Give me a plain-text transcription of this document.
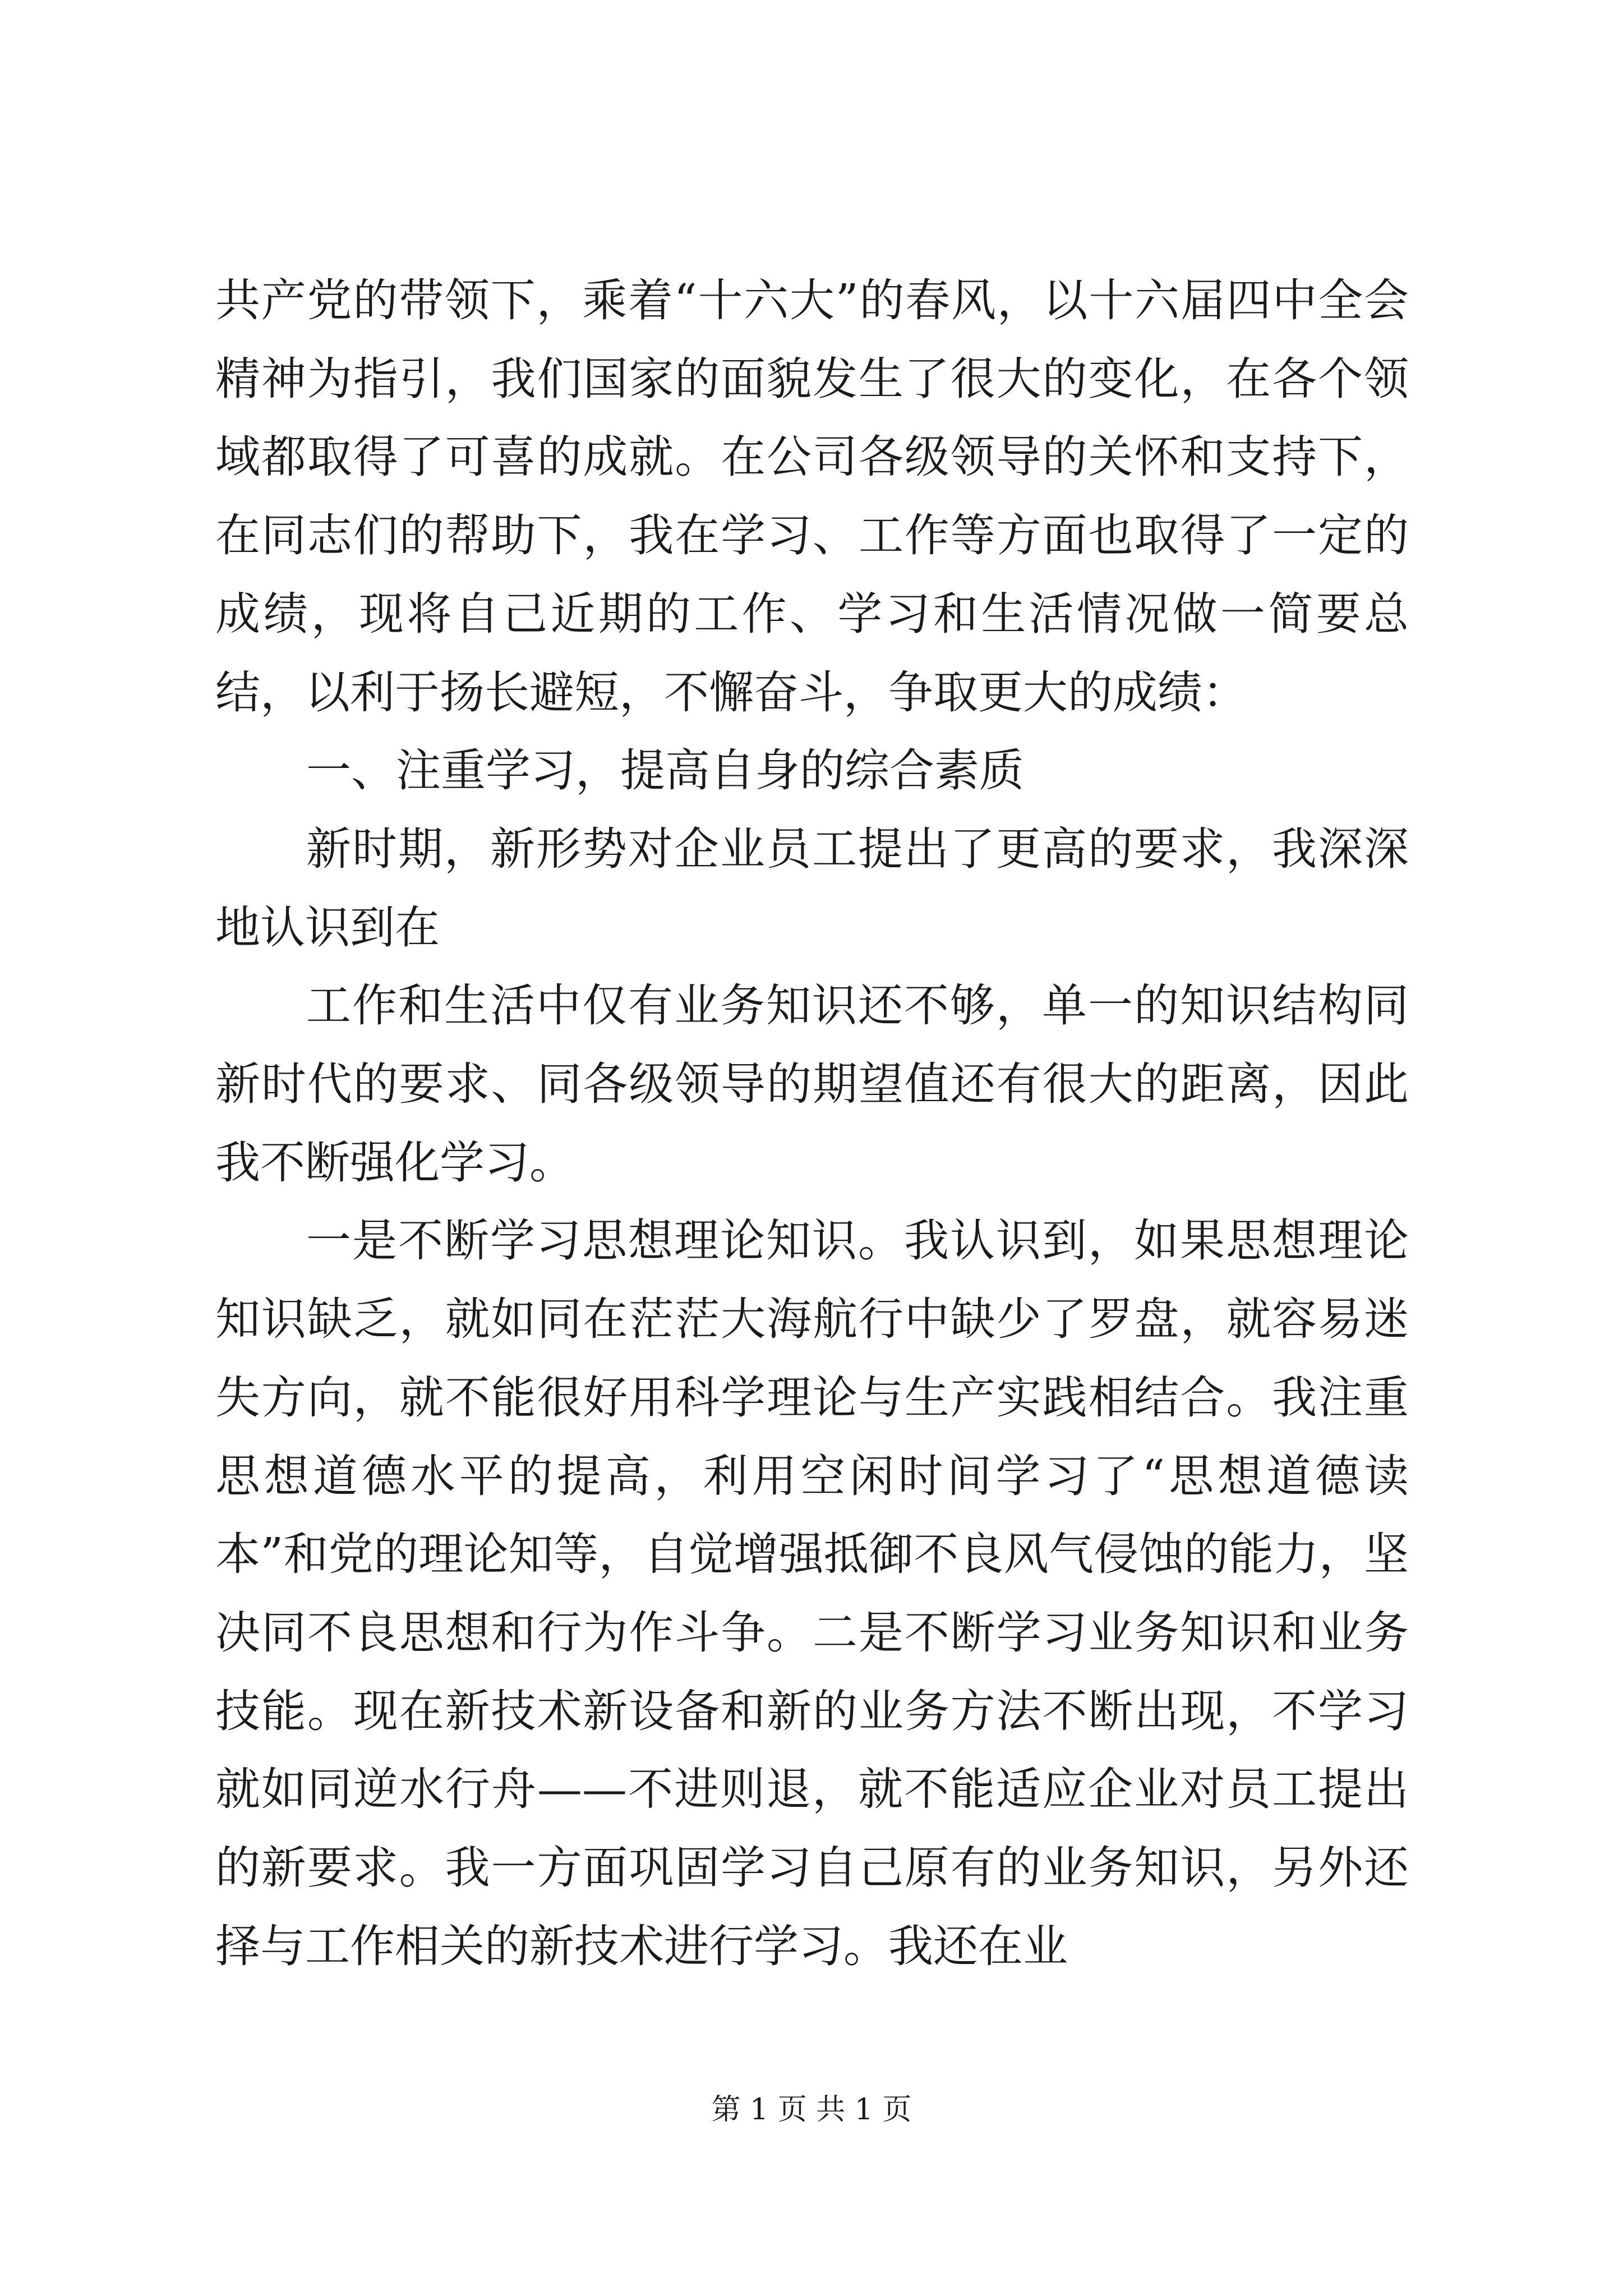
共产党的带领下，乘着“十六大”的春风，以十六届四中全会精神为指引，我们国家的面貌发生了很大的变化，在各个领域都取得了可喜的成就。在公司各级领导的关怀和支持下，在同志们的帮助下，我在学习、工作等方面也取得了一定的成绩，现将自己近期的工作、学习和生活情况做一简要总结，以利于扬长避短，不懈奋斗，争取更大的成绩：

一、注重学习，提高自身的综合素质

新时期，新形势对企业员工提出了更高的要求，我深深地认识到在

工作和生活中仅有业务知识还不够，单一的知识结构同新时代的要求、同各级领导的期望值还有很大的距离，因此我不断强化学习。

一是不断学习思想理论知识。我认识到，如果思想理论知识缺乏，就如同在茫茫大海航行中缺少了罗盘，就容易迷失方向，就不能很好用科学理论与生产实践相结合。我注重思想道德水平的提高，利用空闲时间学习了“思想道德读本”和党的理论知等，自觉增强抵御不良风气侵蚀的能力，坚决同不良思想和行为作斗争。二是不断学习业务知识和业务技能。现在新技术新设备和新的业务方法不断出现，不学习就如同逆水行舟——不进则退，就不能适应企业对员工提出的新要求。我一方面巩固学习自己原有的业务知识，另外还择与工作相关的新技术进行学习。我还在业

第 1 页 共 1 页
